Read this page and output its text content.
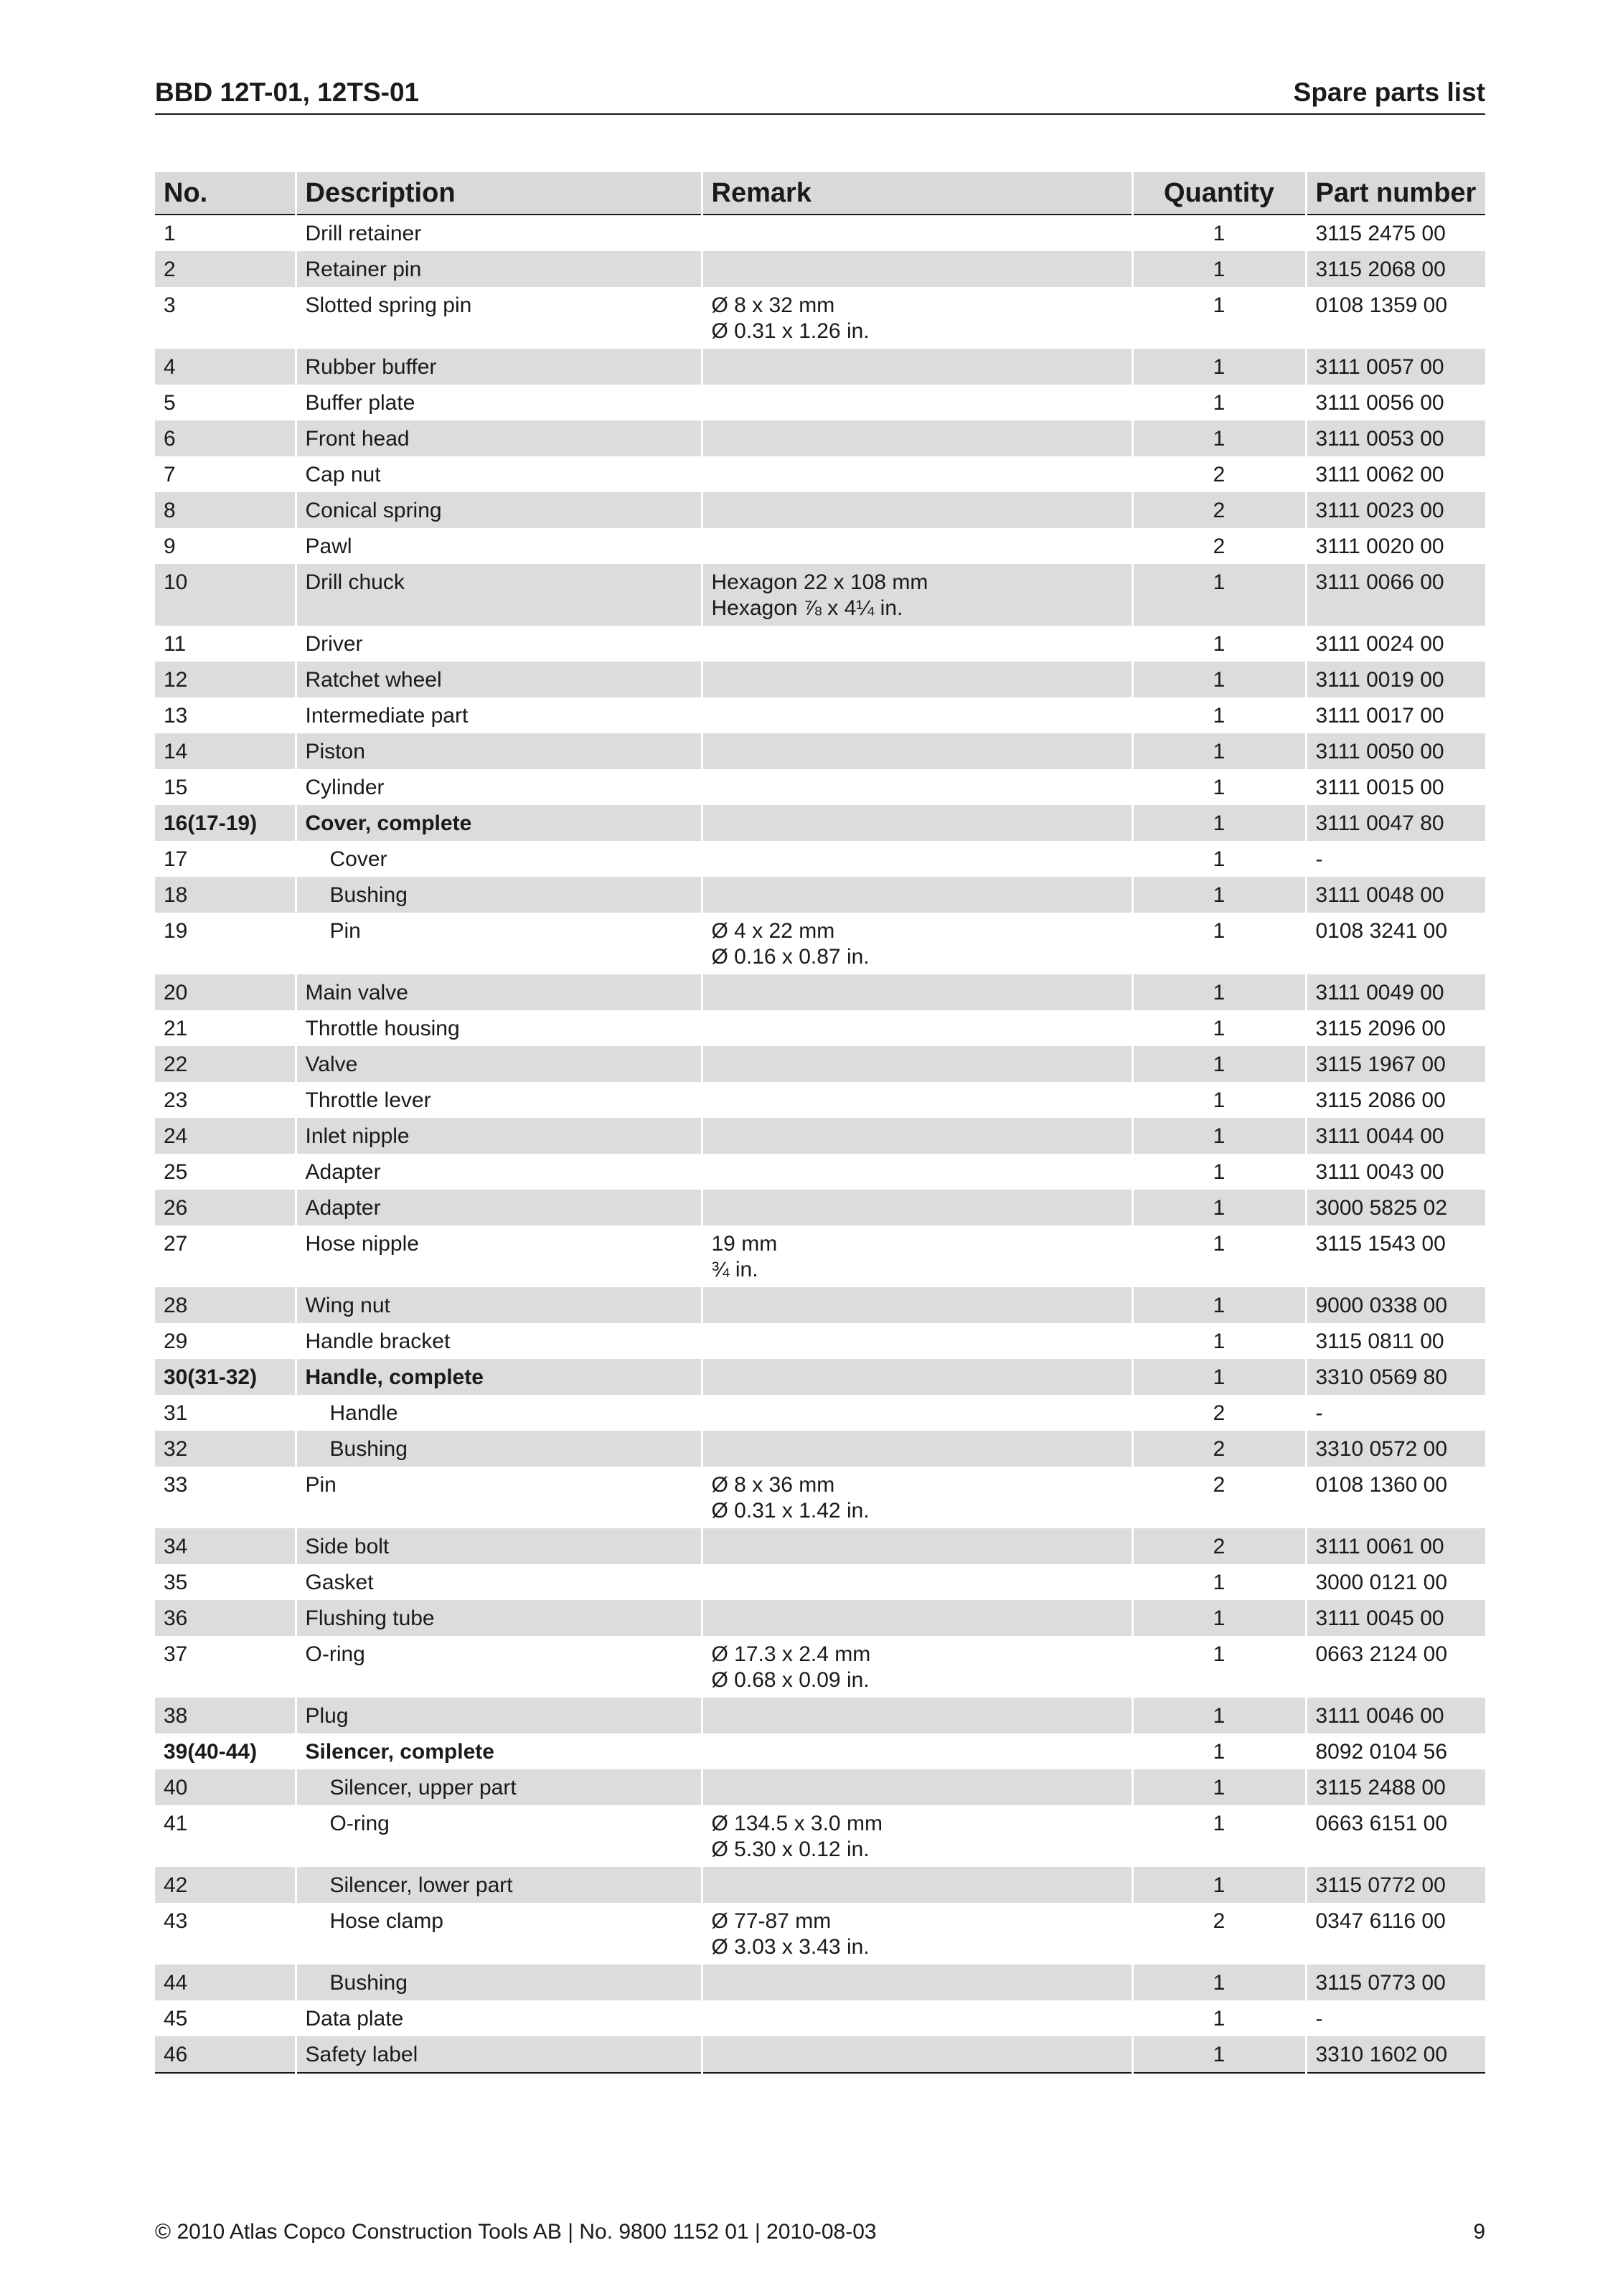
BBD 12T-01, 12TS-01	Spare parts list
No.	Description	Remark	Quantity	Part number
1	Drill retainer		1	3115 2475 00
2	Retainer pin		1	3115 2068 00
3	Slotted spring pin	Ø 8 x 32 mm
Ø 0.31 x 1.26 in.	1	0108 1359 00
4	Rubber buffer		1	3111 0057 00
5	Buffer plate		1	3111 0056 00
6	Front head		1	3111 0053 00
7	Cap nut		2	3111 0062 00
8	Conical spring		2	3111 0023 00
9	Pawl		2	3111 0020 00
10	Drill chuck	Hexagon 22 x 108 mm
Hexagon ⅞ x 4¼ in.	1	3111 0066 00
11	Driver		1	3111 0024 00
12	Ratchet wheel		1	3111 0019 00
13	Intermediate part		1	3111 0017 00
14	Piston		1	3111 0050 00
15	Cylinder		1	3111 0015 00
16(17-19)	Cover, complete		1	3111 0047 80
17	Cover		1	-
18	Bushing		1	3111 0048 00
19	Pin	Ø 4 x 22 mm
Ø 0.16 x 0.87 in.	1	0108 3241 00
20	Main valve		1	3111 0049 00
21	Throttle housing		1	3115 2096 00
22	Valve		1	3115 1967 00
23	Throttle lever		1	3115 2086 00
24	Inlet nipple		1	3111 0044 00
25	Adapter		1	3111 0043 00
26	Adapter		1	3000 5825 02
27	Hose nipple	19 mm
¾ in.	1	3115 1543 00
28	Wing nut		1	9000 0338 00
29	Handle bracket		1	3115 0811 00
30(31-32)	Handle, complete		1	3310 0569 80
31	Handle		2	-
32	Bushing		2	3310 0572 00
33	Pin	Ø 8 x 36 mm
Ø 0.31 x 1.42 in.	2	0108 1360 00
34	Side bolt		2	3111 0061 00
35	Gasket		1	3000 0121 00
36	Flushing tube		1	3111 0045 00
37	O-ring	Ø 17.3 x 2.4 mm
Ø 0.68 x 0.09 in.	1	0663 2124 00
38	Plug		1	3111 0046 00
39(40-44)	Silencer, complete		1	8092 0104 56
40	Silencer, upper part		1	3115 2488 00
41	O-ring	Ø 134.5 x 3.0 mm
Ø 5.30 x 0.12 in.	1	0663 6151 00
42	Silencer, lower part		1	3115 0772 00
43	Hose clamp	Ø 77-87 mm
Ø 3.03 x 3.43 in.	2	0347 6116 00
44	Bushing		1	3115 0773 00
45	Data plate		1	-
46	Safety label		1	3310 1602 00
© 2010 Atlas Copco Construction Tools AB | No. 9800 1152 01 | 2010-08-03	9
